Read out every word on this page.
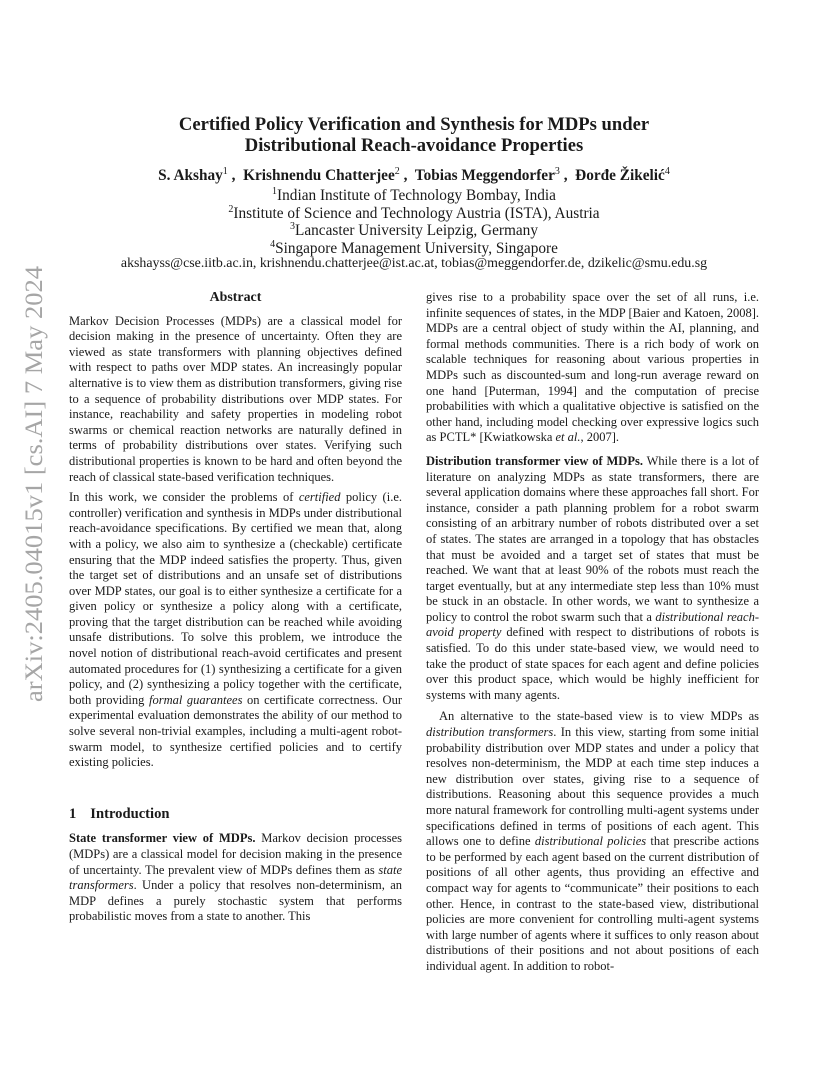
arXiv:2405.04015v1 [cs.AI] 7 May 2024
Certified Policy Verification and Synthesis for MDPs under
Distributional Reach-avoidance Properties
S. Akshay$^1$ ,  Krishnendu Chatterjee$^2$ ,  Tobias Meggendorfer$^3$ ,  Đorđe Žikelić$^4$
$^1$Indian Institute of Technology Bombay, India
$^2$Institute of Science and Technology Austria (ISTA), Austria
$^3$Lancaster University Leipzig, Germany
$^4$Singapore Management University, Singapore
akshayss@cse.iitb.ac.in, krishnendu.chatterjee@ist.ac.at, tobias@meggendorfer.de, dzikelic@smu.edu.sg
Abstract

Markov Decision Processes (MDPs) are a classical model for decision making in the presence of uncertainty. Often they are viewed as state transformers with planning objectives defined with respect to paths over MDP states. An increasingly popular alternative is to view them as distribution transformers, giving rise to a sequence of probability distributions over MDP states. For instance, reachability and safety properties in modeling robot swarms or chemical reaction networks are naturally defined in terms of probability distributions over states. Verifying such distributional properties is known to be hard and often beyond the reach of classical state-based verification techniques.

In this work, we consider the problems of certified policy (i.e. controller) verification and synthesis in MDPs under distributional reach-avoidance specifications. By certified we mean that, along with a policy, we also aim to synthesize a (checkable) certificate ensuring that the MDP indeed satisfies the property. Thus, given the target set of distributions and an unsafe set of distributions over MDP states, our goal is to either synthesize a certificate for a given policy or synthesize a policy along with a certificate, proving that the target distribution can be reached while avoiding unsafe distributions. To solve this problem, we introduce the novel notion of distributional reach-avoid certificates and present automated procedures for (1) synthesizing a certificate for a given policy, and (2) synthesizing a policy together with the certificate, both providing formal guarantees on certificate correctness. Our experimental evaluation demonstrates the ability of our method to solve several non-trivial examples, including a multi-agent robot-swarm model, to synthesize certified policies and to certify existing policies.

1 Introduction

State transformer view of MDPs. Markov decision processes (MDPs) are a classical model for decision making in the presence of uncertainty. The prevalent view of MDPs defines them as state transformers. Under a policy that resolves non-determinism, an MDP defines a purely stochastic system that performs probabilistic moves from a state to another. This

gives rise to a probability space over the set of all runs, i.e. infinite sequences of states, in the MDP [Baier and Katoen, 2008]. MDPs are a central object of study within the AI, planning, and formal methods communities. There is a rich body of work on scalable techniques for reasoning about various properties in MDPs such as discounted-sum and long-run average reward on one hand [Puterman, 1994] and the computation of precise probabilities with which a qualitative objective is satisfied on the other hand, including model checking over expressive logics such as PCTL* [Kwiatkowska et al., 2007].

Distribution transformer view of MDPs. While there is a lot of literature on analyzing MDPs as state transformers, there are several application domains where these approaches fall short. For instance, consider a path planning problem for a robot swarm consisting of an arbitrary number of robots distributed over a set of states. The states are arranged in a topology that has obstacles that must be avoided and a target set of states that must be reached. We want that at least 90% of the robots must reach the target eventually, but at any intermediate step less than 10% must be stuck in an obstacle. In other words, we want to synthesize a policy to control the robot swarm such that a distributional reach-avoid property defined with respect to distributions of robots is satisfied. To do this under state-based view, we would need to take the product of state spaces for each agent and define policies over this product space, which would be highly inefficient for systems with many agents.

An alternative to the state-based view is to view MDPs as distribution transformers. In this view, starting from some initial probability distribution over MDP states and under a policy that resolves non-determinism, the MDP at each time step induces a new distribution over states, giving rise to a sequence of distributions. Reasoning about this sequence provides a much more natural framework for controlling multi-agent systems under specifications defined in terms of positions of each agent. This allows one to define distributional policies that prescribe actions to be performed by each agent based on the current distribution of positions of all other agents, thus providing an effective and compact way for agents to “communicate” their positions to each other. Hence, in contrast to the state-based view, distributional policies are more convenient for controlling multi-agent systems with large number of agents where it suffices to only reason about distributions of their positions and not about positions of each individual agent. In addition to robot-
